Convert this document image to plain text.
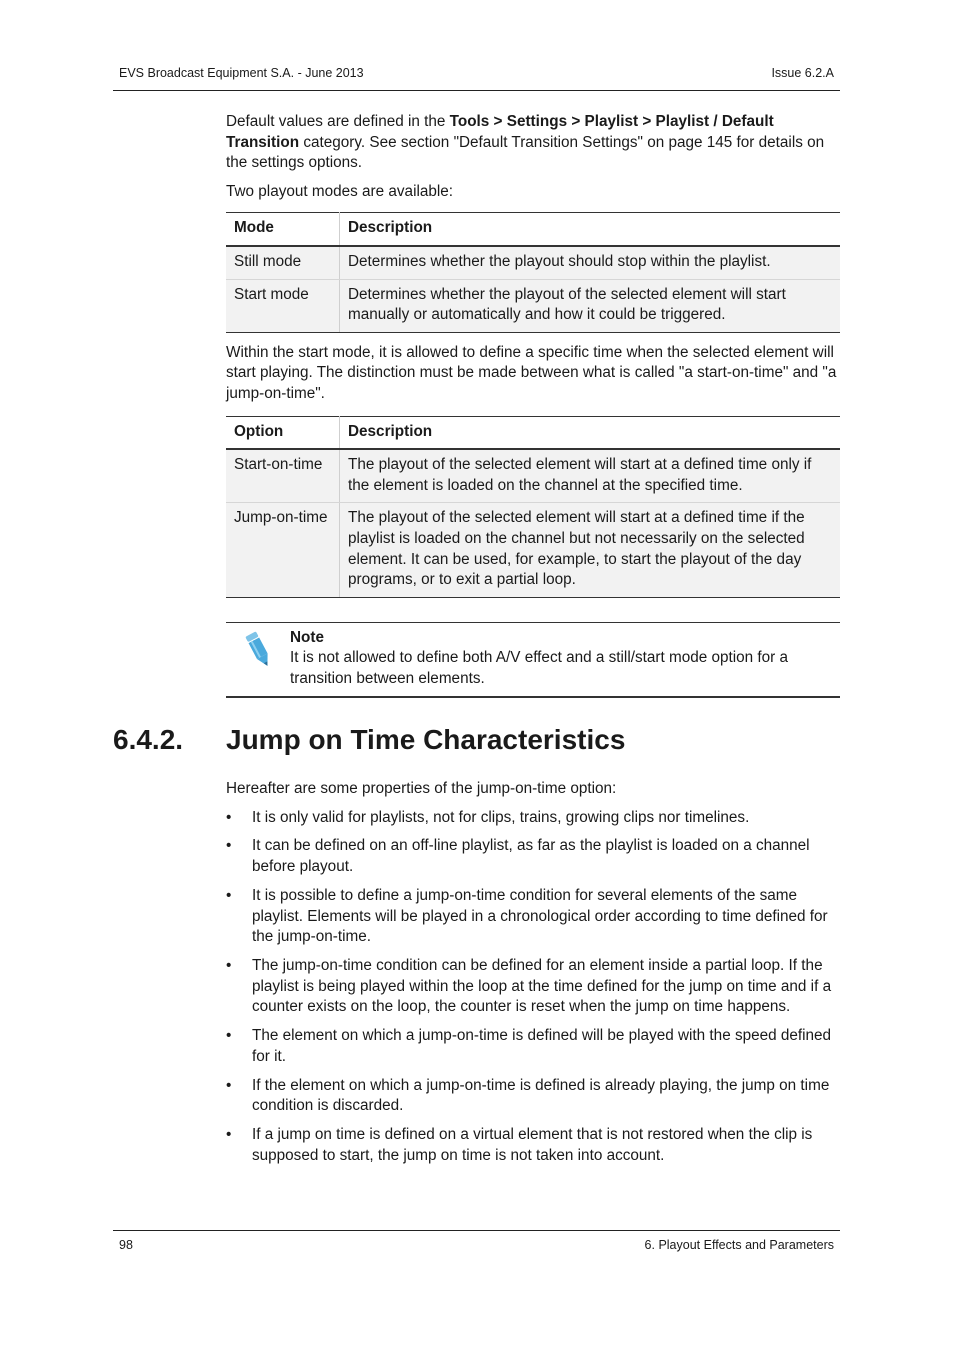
EVS Broadcast Equipment S.A. - June 2013	Issue 6.2.A

Default values are defined in the Tools > Settings > Playlist > Playlist / Default Transition category. See section "Default Transition Settings" on page 145 for details on the settings options.

Two playout modes are available:

Mode	Description
Still mode	Determines whether the playout should stop within the playlist.
Start mode	Determines whether the playout of the selected element will start manually or automatically and how it could be triggered.

Within the start mode, it is allowed to define a specific time when the selected element will start playing. The distinction must be made between what is called "a start-on-time" and "a jump-on-time".

Option	Description
Start-on-time	The playout of the selected element will start at a defined time only if the element is loaded on the channel at the specified time.
Jump-on-time	The playout of the selected element will start at a defined time if the playlist is loaded on the channel but not necessarily on the selected element. It can be used, for example, to start the playout of the day programs, or to exit a partial loop.
Note
It is not allowed to define both A/V effect and a still/start mode option for a transition between elements.
6.4.2. Jump on Time Characteristics

Hereafter are some properties of the jump-on-time option:

• It is only valid for playlists, not for clips, trains, growing clips nor timelines.
• It can be defined on an off-line playlist, as far as the playlist is loaded on a channel before playout.
• It is possible to define a jump-on-time condition for several elements of the same playlist. Elements will be played in a chronological order according to time defined for the jump-on-time.
• The jump-on-time condition can be defined for an element inside a partial loop. If the playlist is being played within the loop at the time defined for the jump on time and if a counter exists on the loop, the counter is reset when the jump on time happens.
• The element on which a jump-on-time is defined will be played with the speed defined for it.
• If the element on which a jump-on-time is defined is already playing, the jump on time condition is discarded.
• If a jump on time is defined on a virtual element that is not restored when the clip is supposed to start, the jump on time is not taken into account.
98	6. Playout Effects and Parameters
